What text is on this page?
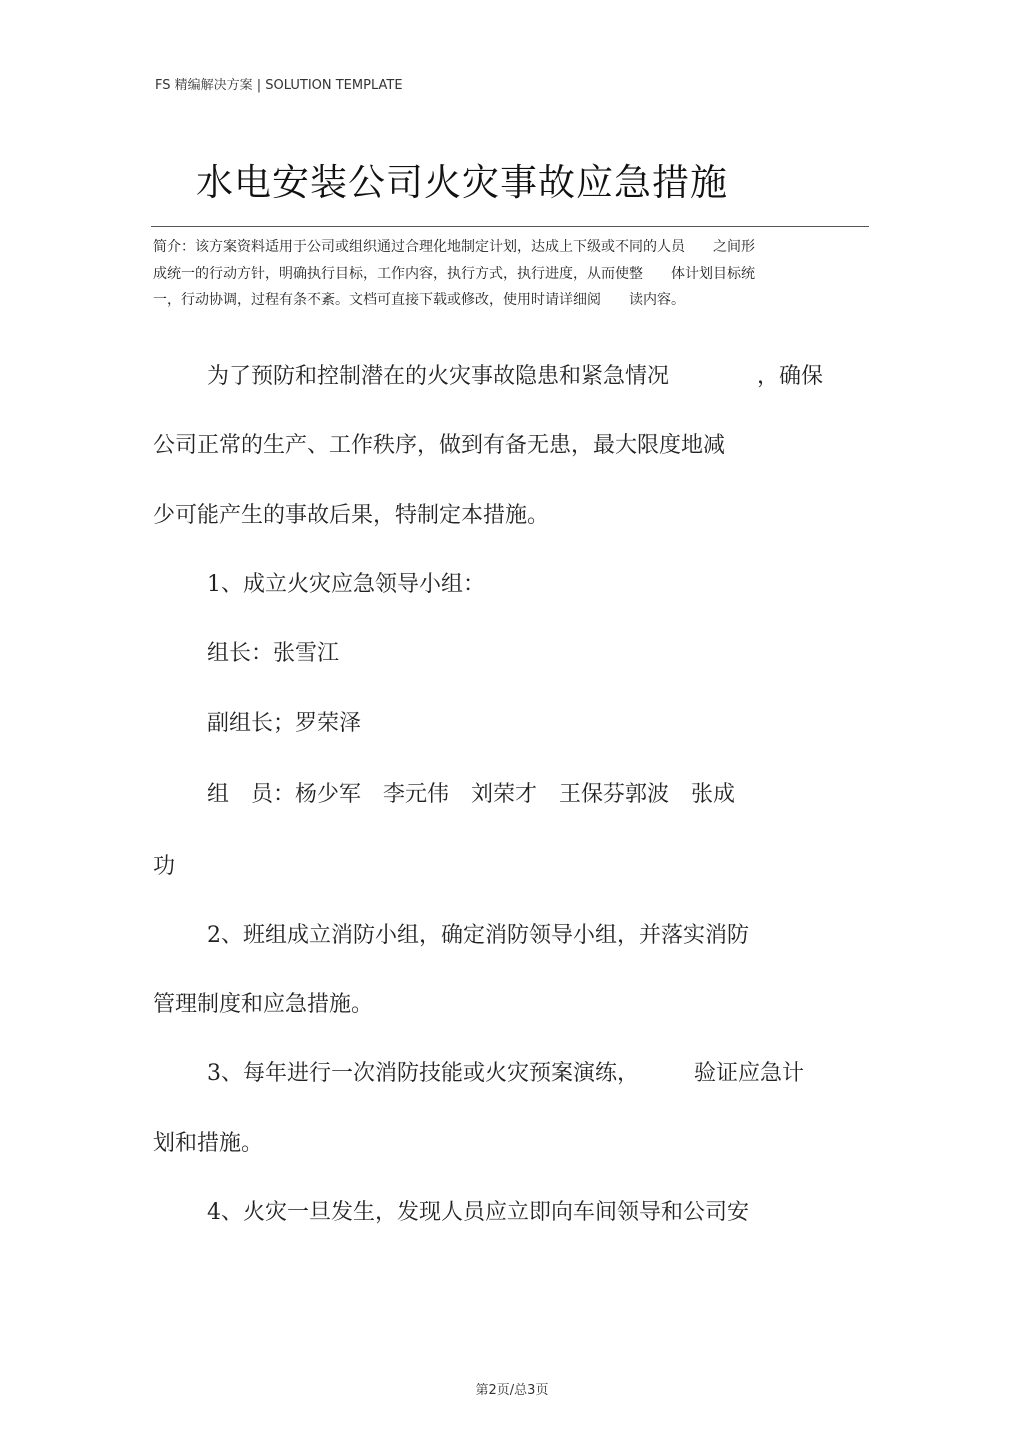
FS 精编解决方案 | SOLUTION TEMPLATE
水电安装公司火灾事故应急措施
简介：该方案资料适用于公司或组织通过合理化地制定计划，达成上下级或不同的人员　　之间形
成统一的行动方针，明确执行目标，工作内容，执行方式，执行进度，从而使整　　体计划目标统
一，行动协调，过程有条不紊。文档可直接下载或修改，使用时请详细阅　　读内容。
为了预防和控制潜在的火灾事故隐患和紧急情况　　　　，确保
公司正常的生产、工作秩序，做到有备无患，最大限度地减
少可能产生的事故后果，特制定本措施。
1、成立火灾应急领导小组：
组长：张雪江
副组长；罗荣泽
组　员：杨少军　李元伟　刘荣才　王保芬郭波　张成
功
2、班组成立消防小组，确定消防领导小组，并落实消防
管理制度和应急措施。
3、每年进行一次消防技能或火灾预案演练，　　　验证应急计
划和措施。
4、火灾一旦发生，发现人员应立即向车间领导和公司安
第2页/总3页
